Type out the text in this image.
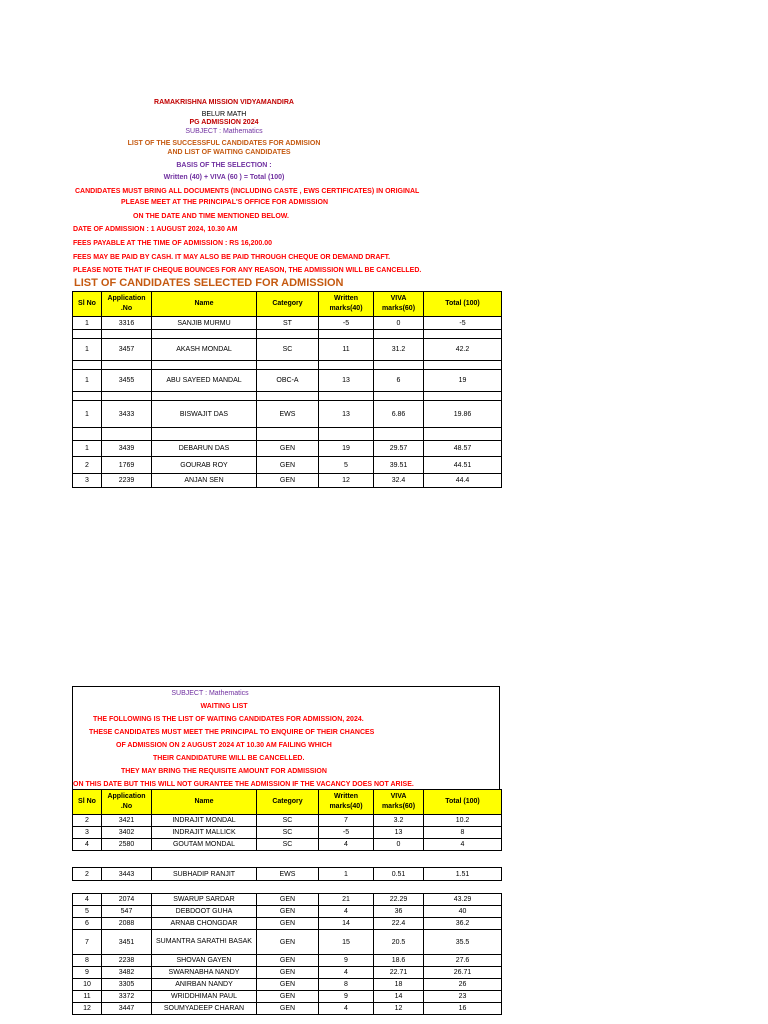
RAMAKRISHNA MISSION VIDYAMANDIRA
BELUR MATH
PG ADMISSION 2024
SUBJECT : Mathematics
LIST OF THE SUCCESSFUL CANDIDATES FOR ADMISION
AND LIST OF WAITING CANDIDATES
BASIS OF THE SELECTION :
Written (40) + VIVA (60 ) = Total (100)
CANDIDATES MUST BRING ALL DOCUMENTS (INCLUDING CASTE , EWS CERTIFICATES) IN ORIGINAL
PLEASE MEET AT THE PRINCIPAL'S OFFICE FOR ADMISSION
ON THE DATE AND TIME MENTIONED BELOW.
DATE OF ADMISSION : 1 AUGUST 2024, 10.30 AM
FEES PAYABLE AT THE TIME OF ADMISSION : RS 16,200.00
FEES MAY BE PAID BY CASH. IT MAY ALSO BE PAID THROUGH CHEQUE OR DEMAND DRAFT.
PLEASE NOTE THAT IF CHEQUE BOUNCES FOR ANY REASON, THE ADMISSION WILL BE CANCELLED.
LIST OF CANDIDATES SELECTED FOR ADMISSION
Sl No	Application
.No	Name	Category	Written
marks(40)	VIVA
marks(60)	Total (100)
1	3316	SANJIB MURMU	ST	-5	0	-5

1	3457	AKASH MONDAL	SC	11	31.2	42.2

1	3455	ABU SAYEED MANDAL	OBC-A	13	6	19

1	3433	BISWAJIT DAS	EWS	13	6.86	19.86

1	3439	DEBARUN DAS	GEN	19	29.57	48.57
2	1769	GOURAB ROY	GEN	5	39.51	44.51
3	2239	ANJAN SEN	GEN	12	32.4	44.4
SUBJECT : Mathematics
WAITING LIST
THE FOLLOWING IS THE LIST OF WAITING CANDIDATES FOR ADMISSION, 2024.
THESE CANDIDATES MUST MEET THE PRINCIPAL TO ENQUIRE OF THEIR CHANCES
OF ADMISSION ON 2 AUGUST 2024 AT 10.30 AM FAILING WHICH
THEIR CANDIDATURE WILL BE CANCELLED.
THEY MAY BRING THE REQUISITE AMOUNT FOR ADMISSION
ON THIS DATE BUT THIS WILL NOT GURANTEE THE ADMISSION IF THE VACANCY DOES NOT ARISE.
Sl No	Application
.No	Name	Category	Written
marks(40)	VIVA
marks(60)	Total (100)
2	3421	INDRAJIT MONDAL	SC	7	3.2	10.2
3	3402	INDRAJIT MALLICK	SC	-5	13	8
4	2580	GOUTAM MONDAL	SC	4	0	4
2	3443	SUBHADIP RANJIT	EWS	1	0.51	1.51
4	2074	SWARUP SARDAR	GEN	21	22.29	43.29
5	547	DEBDOOT GUHA	GEN	4	36	40
6	2088	ARNAB CHONGDAR	GEN	14	22.4	36.2
7	3451	SUMANTRA SARATHI BASAK	GEN	15	20.5	35.5
8	2238	SHOVAN GAYEN	GEN	9	18.6	27.6
9	3482	SWARNABHA NANDY	GEN	4	22.71	26.71
10	3305	ANIRBAN NANDY	GEN	8	18	26
11	3372	WRIDDHIMAN PAUL	GEN	9	14	23
12	3447	SOUMYADEEP CHARAN	GEN	4	12	16
